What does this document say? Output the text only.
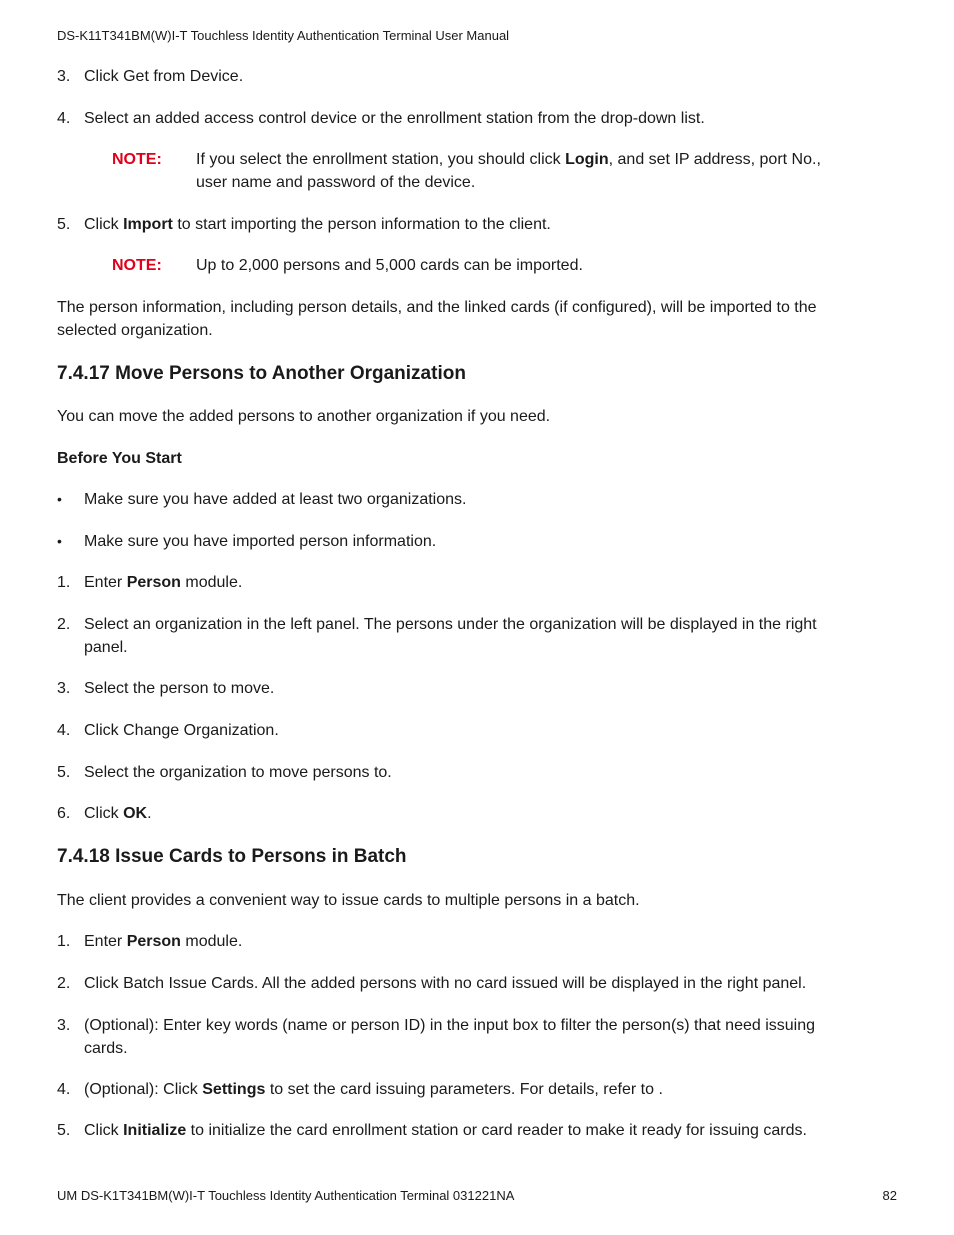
DS-K11T341BM(W)I-T Touchless Identity Authentication Terminal User Manual
3. Click Get from Device.
4. Select an added access control device or the enrollment station from the drop-down list.
NOTE: If you select the enrollment station, you should click Login, and set IP address, port No.,
user name and password of the device.
5. Click Import to start importing the person information to the client.
NOTE: Up to 2,000 persons and 5,000 cards can be imported.
The person information, including person details, and the linked cards (if configured), will be imported to the
selected organization.
7.4.17 Move Persons to Another Organization
You can move the added persons to another organization if you need.
Before You Start
• Make sure you have added at least two organizations.
• Make sure you have imported person information.
1. Enter Person module.
2. Select an organization in the left panel. The persons under the organization will be displayed in the right
panel.
3. Select the person to move.
4. Click Change Organization.
5. Select the organization to move persons to.
6. Click OK.
7.4.18 Issue Cards to Persons in Batch
The client provides a convenient way to issue cards to multiple persons in a batch.
1. Enter Person module.
2. Click Batch Issue Cards. All the added persons with no card issued will be displayed in the right panel.
3. (Optional): Enter key words (name or person ID) in the input box to filter the person(s) that need issuing
cards.
4. (Optional): Click Settings to set the card issuing parameters. For details, refer to .
5. Click Initialize to initialize the card enrollment station or card reader to make it ready for issuing cards.
UM DS-K1T341BM(W)I-T Touchless Identity Authentication Terminal 031221NA	82
